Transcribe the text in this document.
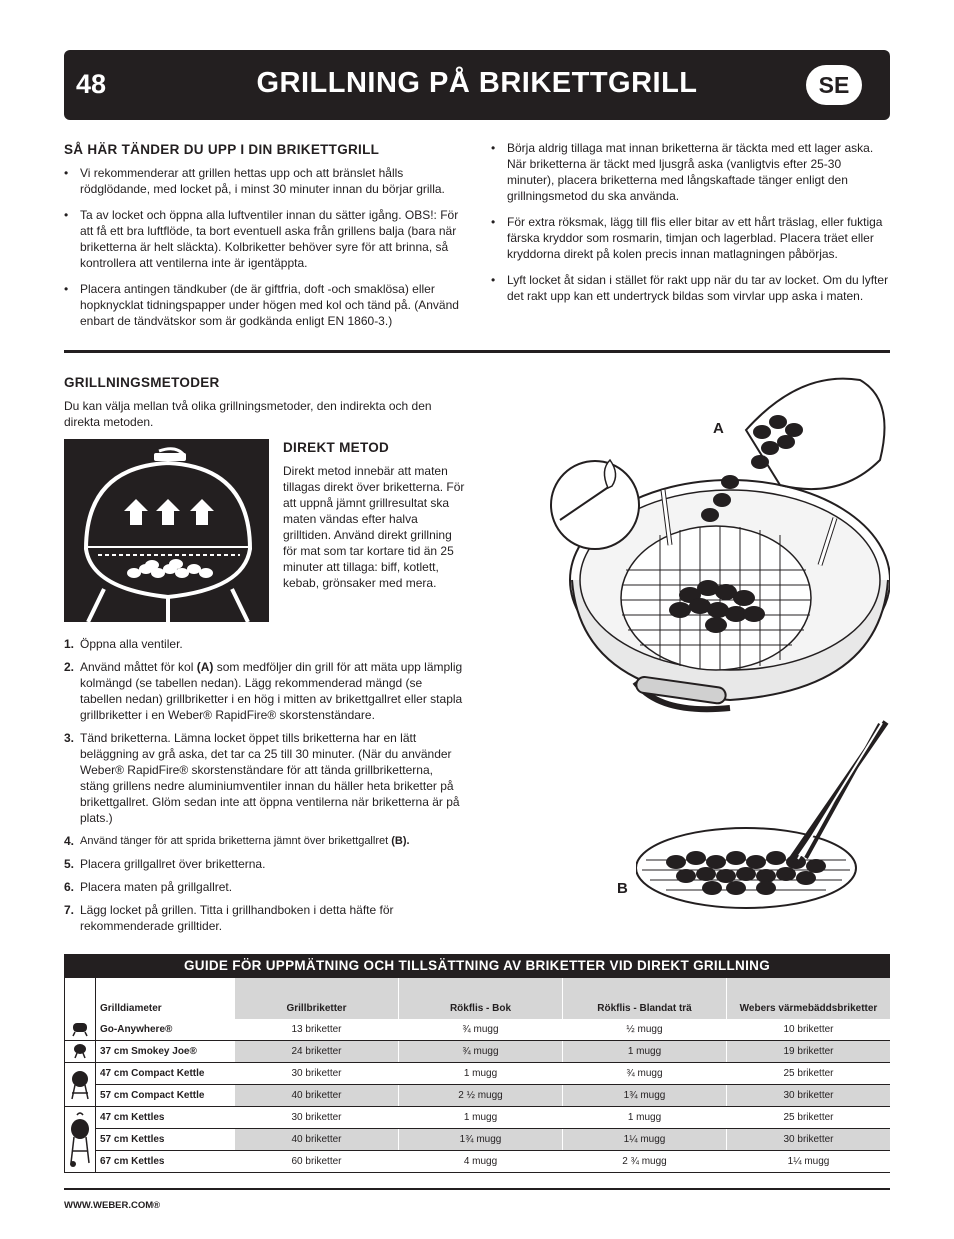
48	GRILLNING PÅ BRIKETTGRILL	SE
SÅ HÄR TÄNDER DU UPP I DIN BRIKETTGRILL
• Vi rekommenderar att grillen hettas upp och att bränslet hålls rödglödande, med locket på, i minst 30 minuter innan du börjar grilla.
• Ta av locket och öppna alla luftventiler innan du sätter igång. OBS!: För att få ett bra luftflöde, ta bort eventuell aska från grillens balja (bara när briketterna är helt släckta). Kolbriketter behöver syre för att brinna, så kontrollera att ventilerna inte är igentäppta.
• Placera antingen tändkuber (de är giftfria, doft -och smaklösa) eller hopknycklat tidningspapper under högen med kol och tänd på. (Använd enbart de tändvätskor som är godkända enligt EN 1860-3.)
• Börja aldrig tillaga mat innan briketterna är täckta med ett lager aska. När briketterna är täckt med ljusgrå aska (vanligtvis efter 25-30 minuter), placera briketterna med långskaftade tänger enligt den grillningsmetod du ska använda.
• För extra röksmak, lägg till flis eller bitar av ett hårt träslag, eller fuktiga färska kryddor som rosmarin, timjan och lagerblad. Placera träet eller kryddorna direkt på kolen precis innan matlagningen påbörjas.
• Lyft locket åt sidan i stället för rakt upp när du tar av locket. Om du lyfter det rakt upp kan ett undertryck bildas som virvlar upp aska i maten.
GRILLNINGSMETODER

Du kan välja mellan två olika grillningsmetoder, den indirekta och den direkta metoden.

DIREKT METOD

Direkt metod innebär att maten tillagas direkt över briketterna. För att uppnå jämnt grillresultat ska maten vändas efter halva grilltiden. Använd direkt grillning för mat som tar kortare tid än 25 minuter att tillaga: biff, kotlett, kebab, grönsaker med mera.

1. Öppna alla ventiler.
2. Använd måttet för kol (A) som medföljer din grill för att mäta upp lämplig kolmängd (se tabellen nedan). Lägg rekommenderad mängd (se tabellen nedan) grillbriketter i en hög i mitten av brikettgallret eller stapla grillbriketter i en Weber® RapidFire® skorstenständare.
3. Tänd briketterna. Lämna locket öppet tills briketterna har en lätt beläggning av grå aska, det tar ca 25 till 30 minuter. (När du använder Weber® RapidFire® skorstenständare för att tända grillbriketterna, stäng grillens nedre aluminiumventiler innan du häller heta briketter på brikettgallret. Glöm sedan inte att öppna ventilerna när briketterna är på plats.)
4. Använd tänger för att sprida briketterna jämnt över brikettgallret (B).
5. Placera grillgallret över briketterna.
6. Placera maten på grillgallret.
7. Lägg locket på grillen. Titta i grillhandboken i detta häfte för rekommenderade grilltider.
A
B
GUIDE FÖR UPPMÄTNING OCH TILLSÄTTNING AV BRIKETTER VID DIREKT GRILLNING
	Grilldiameter	Grillbriketter	Rökflis - Bok	Rökflis - Blandat trä	Webers värmebäddsbriketter
	Go-Anywhere®	13 briketter	¾ mugg	½ mugg	10 briketter
	37 cm Smokey Joe®	24 briketter	¾ mugg	1 mugg	19 briketter
	47 cm Compact Kettle	30 briketter	1 mugg	¾ mugg	25 briketter
	57 cm Compact Kettle	40 briketter	2 ½ mugg	1¾ mugg	30 briketter
	47 cm Kettles	30 briketter	1 mugg	1 mugg	25 briketter
	57 cm Kettles	40 briketter	1¾ mugg	1¼ mugg	30 briketter
	67 cm Kettles	60 briketter	4 mugg	2 ¾ mugg	1¼ mugg
WWW.WEBER.COM®
